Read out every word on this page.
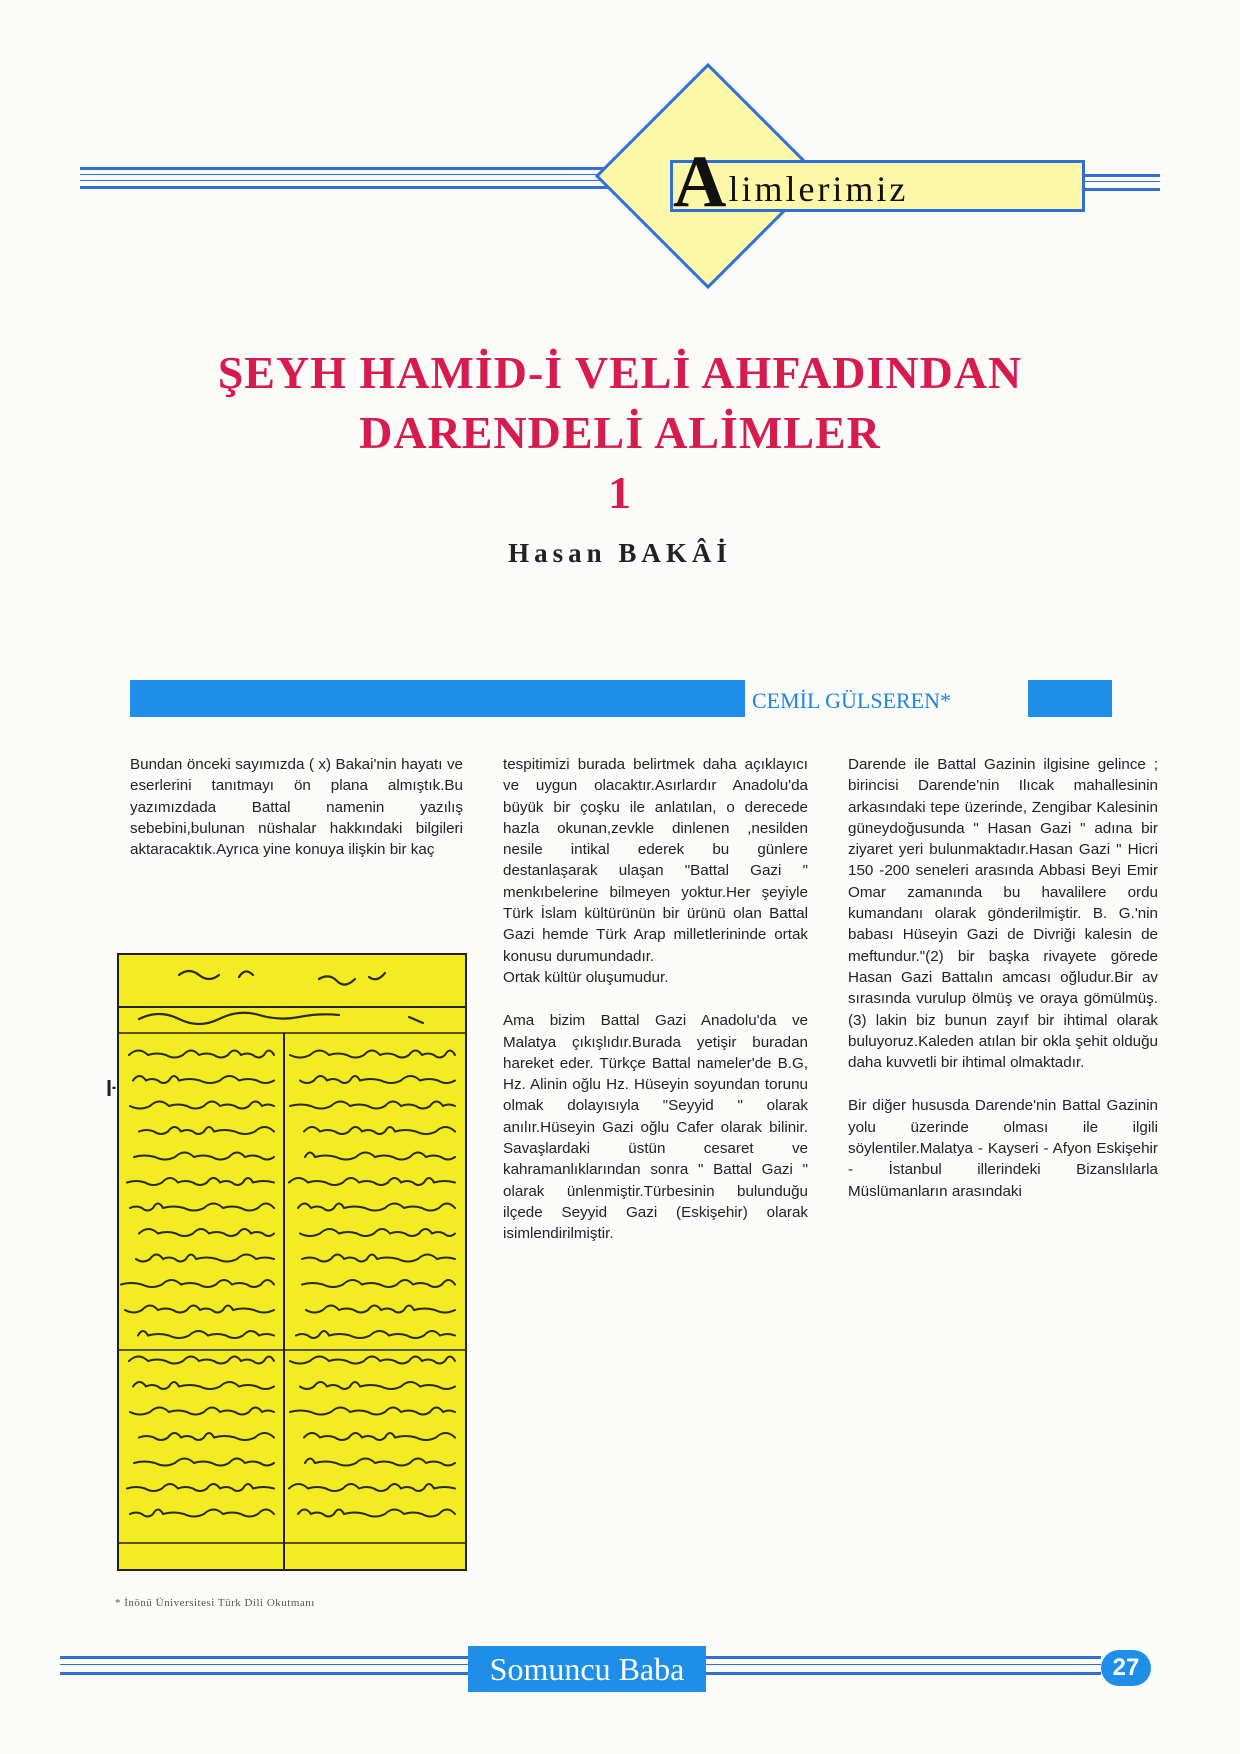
A limlerimiz
ŞEYH HAMİD-İ VELİ AHFADINDAN
DARENDELİ ALİMLER
1
Hasan BAKÂİ
CEMİL GÜLSEREN*

Bundan önceki sayımızda ( x) Bakai'nin hayatı ve eserlerini tanıtmayı ön plana almıştık.Bu yazımızdada Battal namenin yazılış sebebini,bulunan nüshalar hakkındaki bilgileri aktaracaktık.Ayrıca yine konuya ilişkin bir kaç

ŀ
* İnönü Üniversitesi Türk Dili Okutmanı

tespitimizi burada belirtmek daha açıklayıcı ve uygun olacaktır.Asırlardır Anadolu'da büyük bir çoşku ile anlatılan, o derecede hazla okunan,zevkle dinlenen ,nesilden nesile intikal ederek bu günlere destanlaşarak ulaşan "Battal Gazi " menkıbelerine bilmeyen yoktur.Her şeyiyle Türk İslam kültürünün bir ürünü olan Battal Gazi hemde Türk Arap milletlerininde ortak konusu durumundadır.

Ortak kültür oluşumudur.

Ama bizim Battal Gazi Anadolu'da ve Malatya çıkışlıdır.Burada yetişir buradan hareket eder. Türkçe Battal nameler'de B.G, Hz. Alinin oğlu Hz. Hüseyin soyundan torunu olmak dolayısıyla "Seyyid " olarak anılır.Hüseyin Gazi oğlu Cafer olarak bilinir. Savaşlardaki üstün cesaret ve kahramanlıklarından sonra " Battal Gazi " olarak ünlenmiştir.Türbesinin bulunduğu ilçede Seyyid Gazi (Eskişehir) olarak isimlendirilmiştir.

Darende ile Battal Gazinin ilgisine gelince ; birincisi Darende'nin Ilıcak mahallesinin arkasındaki tepe üzerinde, Zengibar Kalesinin güneydoğusunda " Hasan Gazi " adına bir ziyaret yeri bulunmaktadır.Hasan Gazi " Hicri 150 -200 seneleri arasında Abbasi Beyi Emir Omar zamanında bu havalilere ordu kumandanı olarak gönderilmiştir. B. G.'nin babası Hüseyin Gazi de Divriği kalesin de meftundur."(2) bir başka rivayete görede Hasan Gazi Battalın amcası oğludur.Bir av sırasında vurulup ölmüş ve oraya gömülmüş.(3) lakin biz bunun zayıf bir ihtimal olarak buluyoruz.Kaleden atılan bir okla şehit olduğu daha kuvvetli bir ihtimal olmaktadır.

Bir diğer hususda Darende'nin Battal Gazinin yolu üzerinde olması ile ilgili söylentiler.Malatya - Kayseri - Afyon Eskişehir - İstanbul illerindeki Bizanslılarla Müslümanların arasındaki

Somuncu Baba	27
